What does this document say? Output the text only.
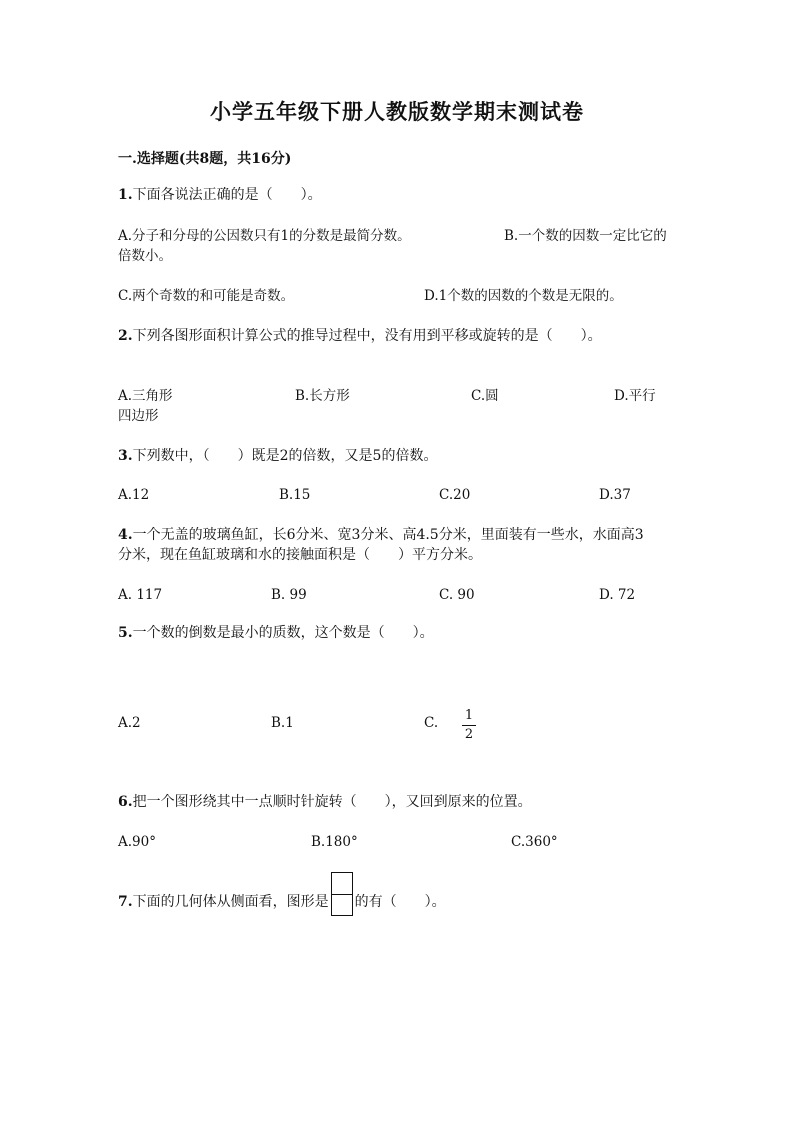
小学五年级下册人教版数学期末测试卷
一.选择题(共8题，共16分)
1.下面各说法正确的是（　　）。
A.分子和分母的公因数只有1的分数是最简分数。	B.一个数的因数一定比它的倍数小。
C.两个奇数的和可能是奇数。	D.1个数的因数的个数是无限的。
2.下列各图形面积计算公式的推导过程中，没有用到平移或旋转的是（　　）。
A.三角形	B.长方形	C.圆	D.平行四边形
3.下列数中，（　　）既是2的倍数，又是5的倍数。
A.12	B.15	C.20	D.37
4.一个无盖的玻璃鱼缸，长6分米、宽3分米、高4.5分米，里面装有一些水，水面高3分米，现在鱼缸玻璃和水的接触面积是（　　）平方分米。
A. 117	B. 99	C. 90	D. 72
5.一个数的倒数是最小的质数，这个数是（　　）。
A.2	B.1	C. 1
2
6.把一个图形绕其中一点顺时针旋转（　　），又回到原来的位置。
A.90°	B.180°	C.360°
7.下面的几何体从侧面看，图形是 的有（　　）。
